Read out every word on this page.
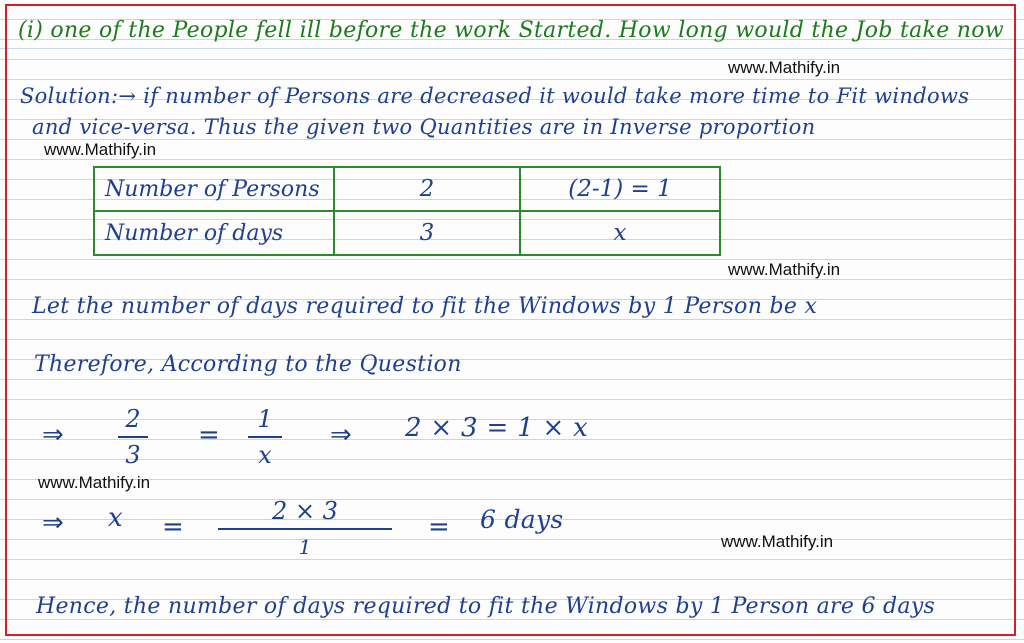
(i) one of the People fell ill before the work Started. How long would the Job take now
www.Mathify.in
Solution:→ if number of Persons are decreased it would take more time to Fit windows
and vice-versa. Thus the given two Quantities are in Inverse proportion
www.Mathify.in
Number of Persons	2	(2-1) = 1
Number of days	3	x
www.Mathify.in
Let the number of days required to fit the Windows by 1 Person be x
Therefore, According to the Question
⇒
2
3
=
1
x
⇒ 2 × 3 = 1 × x
www.Mathify.in
⇒ x =
2 × 3
1
= 6 days
www.Mathify.in
Hence, the number of days required to fit the Windows by 1 Person are 6 days
